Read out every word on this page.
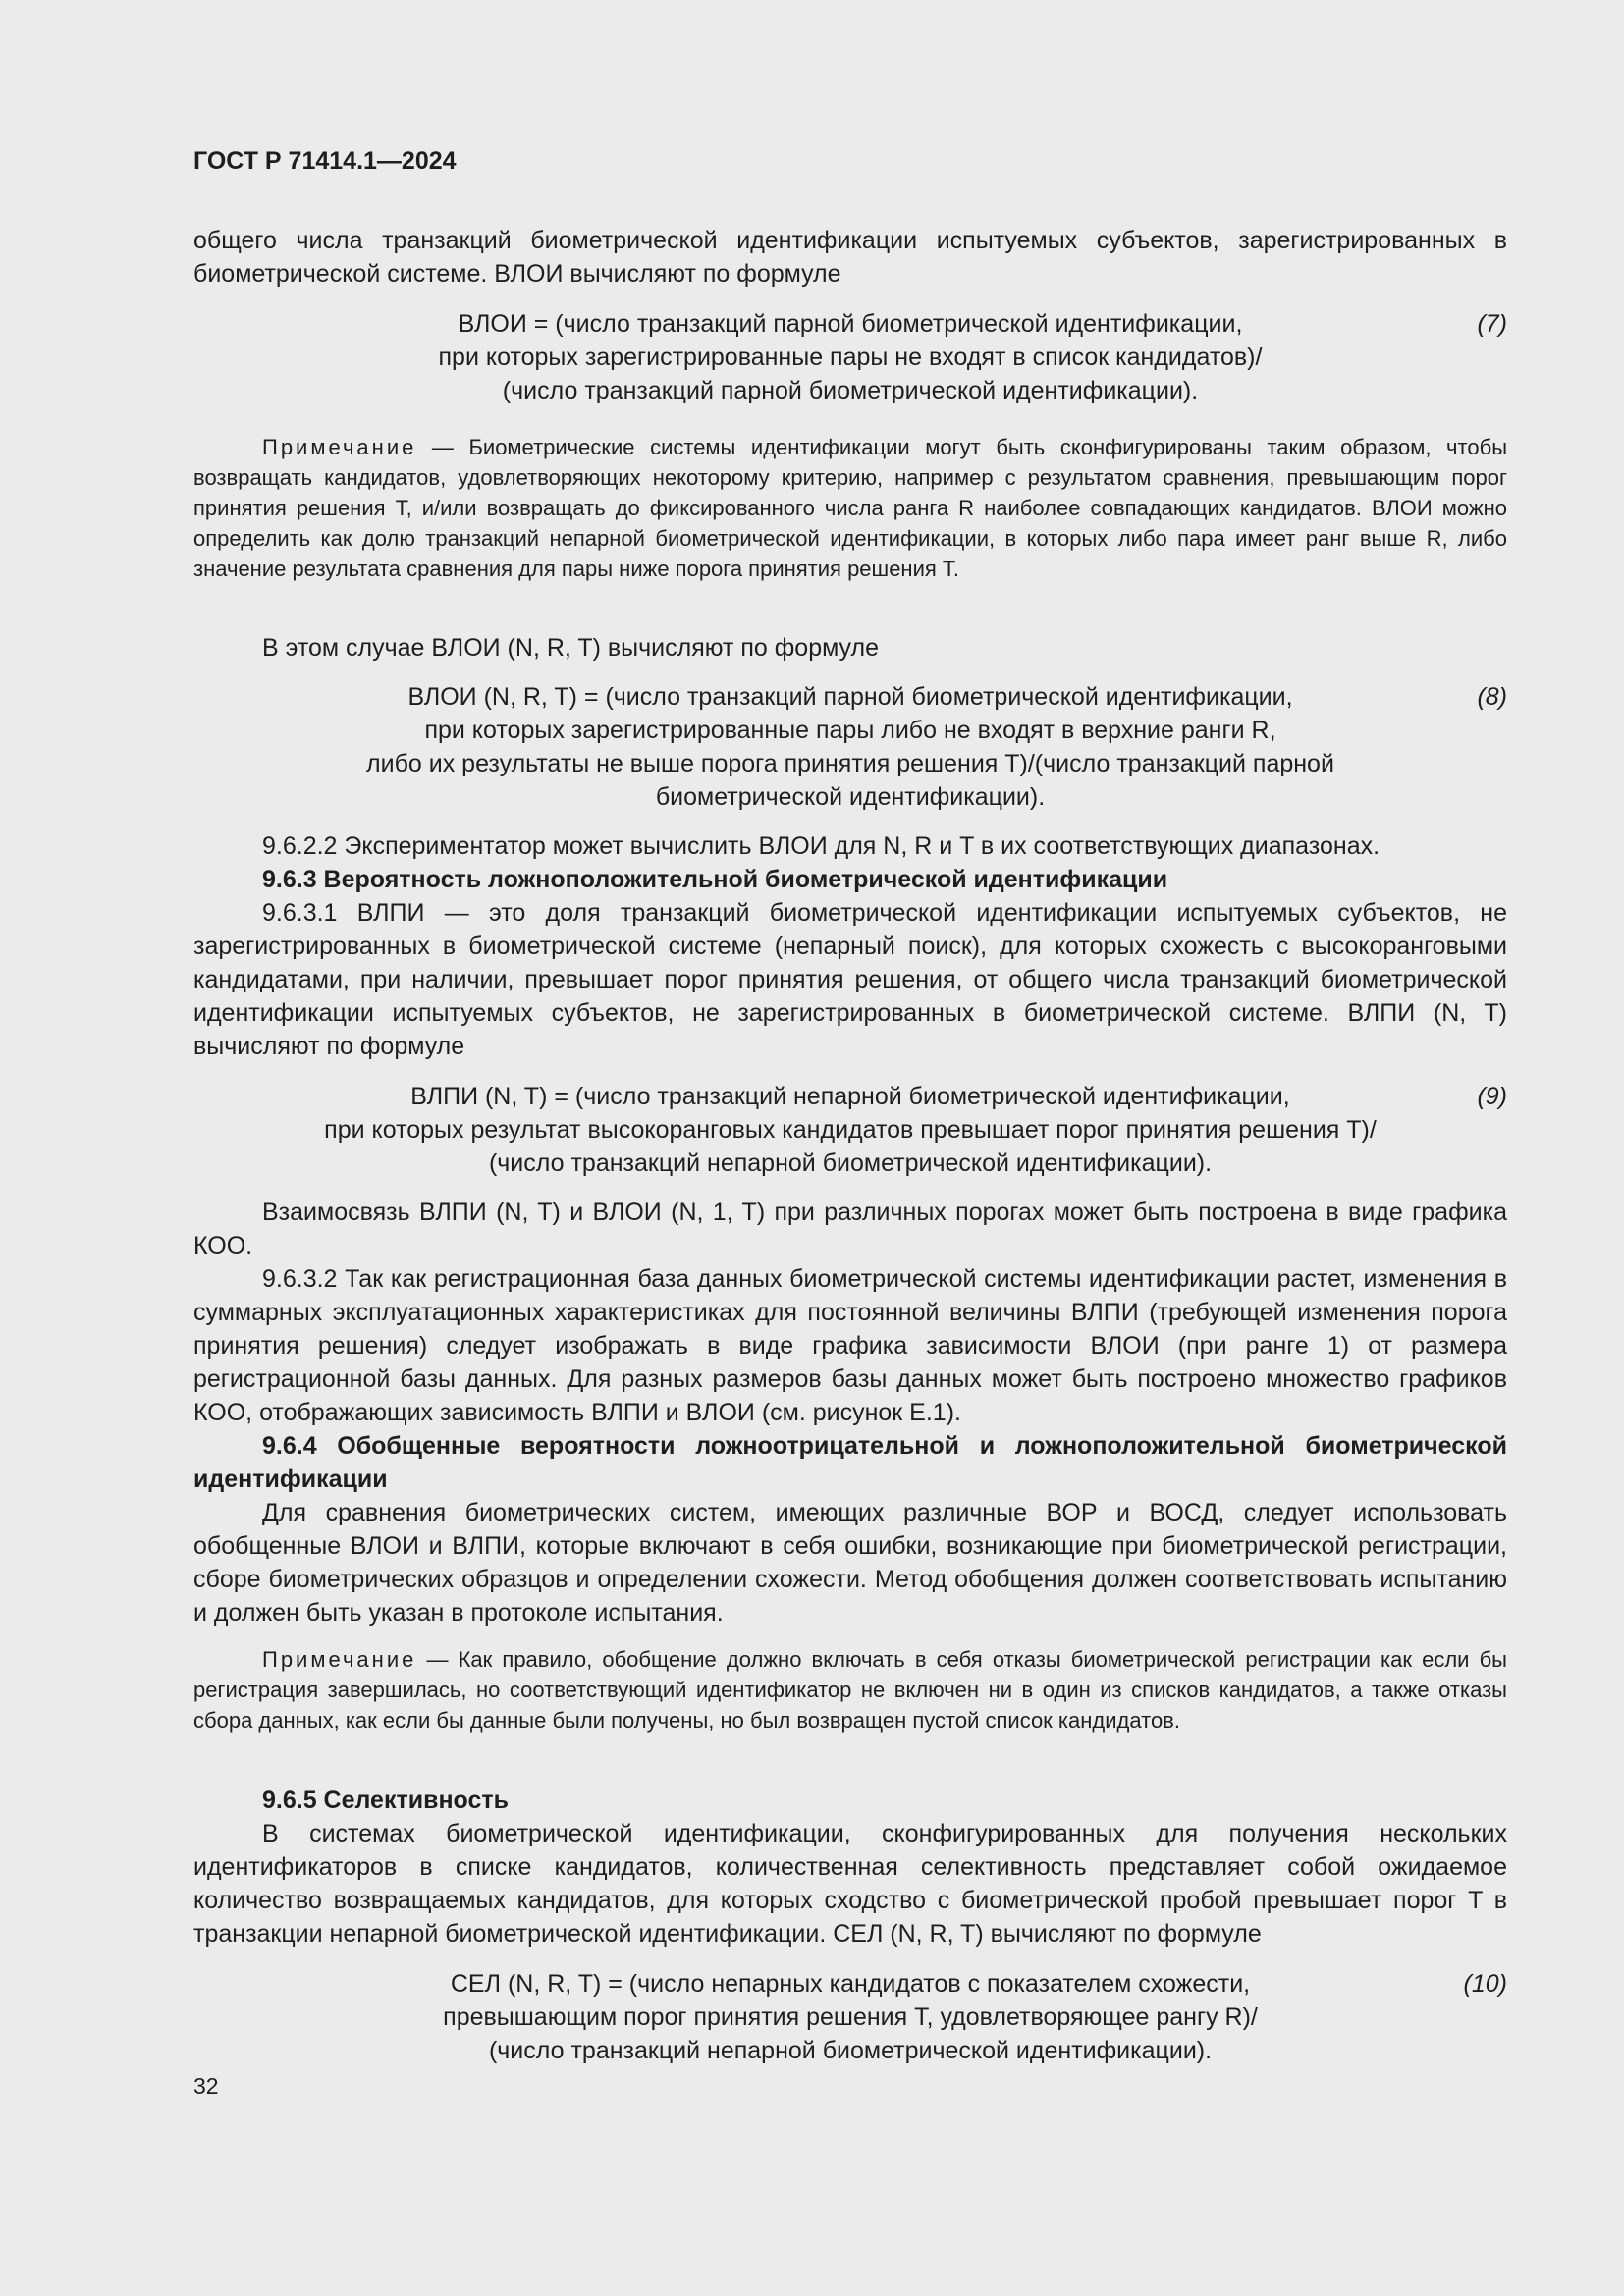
ГОСТ Р 71414.1—2024

общего числа транзакций биометрической идентификации испытуемых субъектов, зарегистрированных в биометрической системе. ВЛОИ вычисляют по формуле

ВЛОИ = (число транзакций парной биометрической идентификации,
при которых зарегистрированные пары не входят в список кандидатов)/
(число транзакций парной биометрической идентификации).
(7)

Примечание — Биометрические системы идентификации могут быть сконфигурированы таким образом, чтобы возвращать кандидатов, удовлетворяющих некоторому критерию, например с результатом сравнения, превышающим порог принятия решения T, и/или возвращать до фиксированного числа ранга R наиболее совпадающих кандидатов. ВЛОИ можно определить как долю транзакций непарной биометрической идентификации, в которых либо пара имеет ранг выше R, либо значение результата сравнения для пары ниже порога принятия решения T.

В этом случае ВЛОИ (N, R, T) вычисляют по формуле

ВЛОИ (N, R, T) = (число транзакций парной биометрической идентификации,
при которых зарегистрированные пары либо не входят в верхние ранги R,
либо их результаты не выше порога принятия решения T)/(число транзакций парной
биометрической идентификации).
(8)

9.6.2.2 Экспериментатор может вычислить ВЛОИ для N, R и T в их соответствующих диапазонах.

9.6.3 Вероятность ложноположительной биометрической идентификации

9.6.3.1 ВЛПИ — это доля транзакций биометрической идентификации испытуемых субъектов, не зарегистрированных в биометрической системе (непарный поиск), для которых схожесть с высокоранговыми кандидатами, при наличии, превышает порог принятия решения, от общего числа транзакций биометрической идентификации испытуемых субъектов, не зарегистрированных в биометрической системе. ВЛПИ (N, T) вычисляют по формуле

ВЛПИ (N, T) = (число транзакций непарной биометрической идентификации,
при которых результат высокоранговых кандидатов превышает порог принятия решения T)/
(число транзакций непарной биометрической идентификации).
(9)

Взаимосвязь ВЛПИ (N, T) и ВЛОИ (N, 1, T) при различных порогах может быть построена в виде графика КОО.

9.6.3.2 Так как регистрационная база данных биометрической системы идентификации растет, изменения в суммарных эксплуатационных характеристиках для постоянной величины ВЛПИ (требующей изменения порога принятия решения) следует изображать в виде графика зависимости ВЛОИ (при ранге 1) от размера регистрационной базы данных. Для разных размеров базы данных может быть построено множество графиков КОО, отображающих зависимость ВЛПИ и ВЛОИ (см. рисунок Е.1).

9.6.4 Обобщенные вероятности ложноотрицательной и ложноположительной биометрической идентификации

Для сравнения биометрических систем, имеющих различные ВОР и ВОСД, следует использовать обобщенные ВЛОИ и ВЛПИ, которые включают в себя ошибки, возникающие при биометрической регистрации, сборе биометрических образцов и определении схожести. Метод обобщения должен соответствовать испытанию и должен быть указан в протоколе испытания.

Примечание — Как правило, обобщение должно включать в себя отказы биометрической регистрации как если бы регистрация завершилась, но соответствующий идентификатор не включен ни в один из списков кандидатов, а также отказы сбора данных, как если бы данные были получены, но был возвращен пустой список кандидатов.

9.6.5 Селективность

В системах биометрической идентификации, сконфигурированных для получения нескольких идентификаторов в списке кандидатов, количественная селективность представляет собой ожидаемое количество возвращаемых кандидатов, для которых сходство с биометрической пробой превышает порог T в транзакции непарной биометрической идентификации. СЕЛ (N, R, T) вычисляют по формуле

СЕЛ (N, R, T) = (число непарных кандидатов с показателем схожести,
превышающим порог принятия решения T, удовлетворяющее рангу R)/
(число транзакций непарной биометрической идентификации).
(10)
32
